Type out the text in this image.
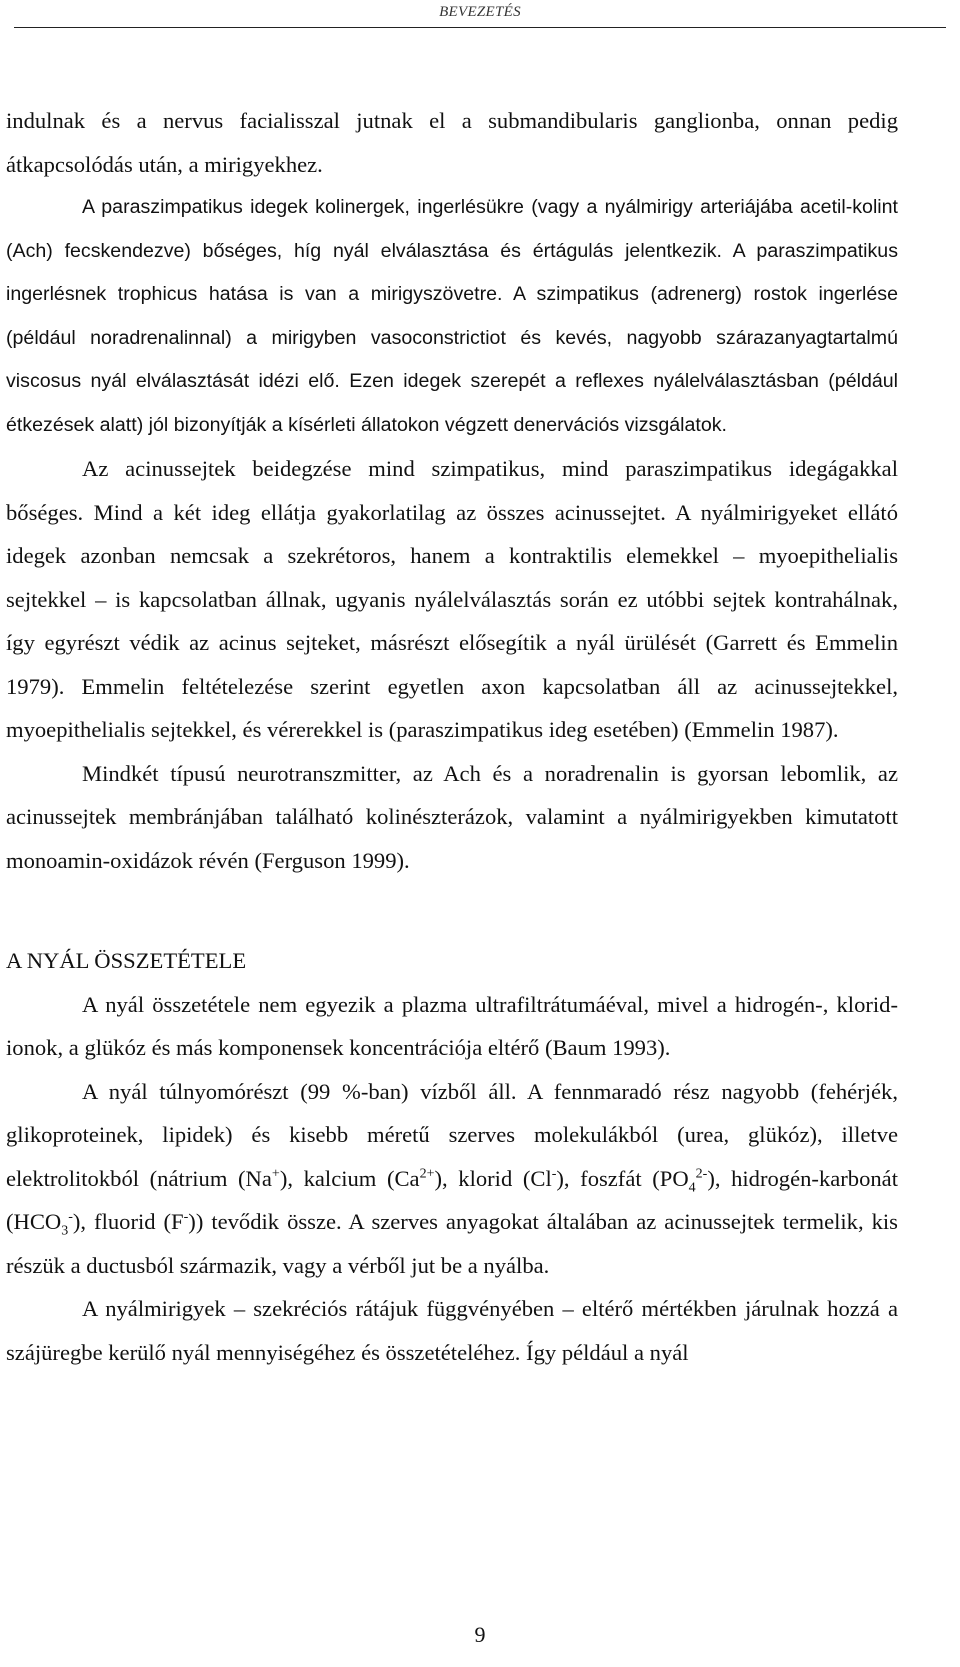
BEVEZETÉS

indulnak és a nervus facialisszal jutnak el a submandibularis ganglionba, onnan pedig átkapcsolódás után, a mirigyekhez.

A paraszimpatikus idegek kolinergek, ingerlésükre (vagy a nyálmirigy arteriájába acetil-kolint (Ach) fecskendezve) bőséges, híg nyál elválasztása és értágulás jelentkezik. A paraszimpatikus ingerlésnek trophicus hatása is van a mirigyszövetre. A szimpatikus (adrenerg) rostok ingerlése (például noradrenalinnal) a mirigyben vasoconstrictiot és kevés, nagyobb szárazanyagtartalmú viscosus nyál elválasztását idézi elő. Ezen idegek szerepét a reflexes nyálelválasztásban (például étkezések alatt) jól bizonyítják a kísérleti állatokon végzett denervációs vizsgálatok.

Az acinussejtek beidegzése mind szimpatikus, mind paraszimpatikus idegágakkal bőséges. Mind a két ideg ellátja gyakorlatilag az összes acinussejtet. A nyálmirigyeket ellátó idegek azonban nemcsak a szekrétoros, hanem a kontraktilis elemekkel – myoepithelialis sejtekkel – is kapcsolatban állnak, ugyanis nyálelválasztás során ez utóbbi sejtek kontrahálnak, így egyrészt védik az acinus sejteket, másrészt elősegítik a nyál ürülését (Garrett és Emmelin 1979). Emmelin feltételezése szerint egyetlen axon kapcsolatban áll az acinussejtekkel, myoepithelialis sejtekkel, és vérerekkel is (paraszimpatikus ideg esetében) (Emmelin 1987).

Mindkét típusú neurotranszmitter, az Ach és a noradrenalin is gyorsan lebomlik, az acinussejtek membránjában található kolinészterázok, valamint a nyálmirigyekben kimutatott monoamin-oxidázok révén (Ferguson 1999).

A NYÁL ÖSSZETÉTELE

A nyál összetétele nem egyezik a plazma ultrafiltrátumáéval, mivel a hidrogén-, klorid-ionok, a glükóz és más komponensek koncentrációja eltérő (Baum 1993).

A nyál túlnyomórészt (99 %-ban) vízből áll. A fennmaradó rész nagyobb (fehérjék, glikoproteinek, lipidek) és kisebb méretű szerves molekulákból (urea, glükóz), illetve elektrolitokból (nátrium (Na+), kalcium $(Ca^{2+})$, klorid (Cl-), foszfát $(PO_4^{2-})$, hidrogén-karbonát $(HCO_3^-)$, fluorid (F-)) tevődik össze. A szerves anyagokat általában az acinussejtek termelik, kis részük a ductusból származik, vagy a vérből jut be a nyálba.

A nyálmirigyek – szekréciós rátájuk függvényében – eltérő mértékben járulnak hozzá a szájüregbe kerülő nyál mennyiségéhez és összetételéhez. Így például a nyál

9
